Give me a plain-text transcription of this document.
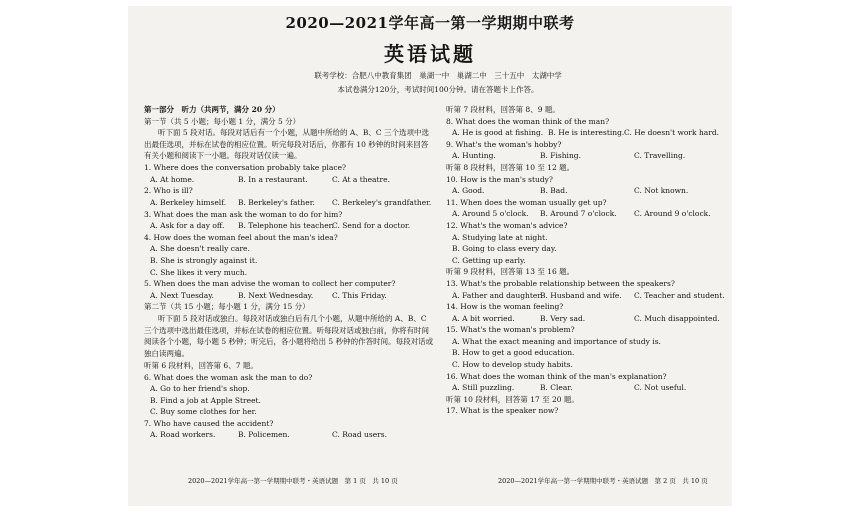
2020—2021学年高一第一学期期中联考
英语试题
联考学校：合肥八中教育集团　巢湖一中　巢湖二中　三十五中　太湖中学
本试卷满分120分，考试时间100分钟。请在答题卡上作答。
第一部分　听力（共两节，满分 20 分）
第一节（共 5 小题；每小题 1 分，满分 5 分）
听下面 5 段对话。每段对话后有一个小题，从题中所给的 A、B、C 三个选项中选出最佳选项，并标在试卷的相应位置。听完每段对话后，你都有 10 秒钟的时间来回答有关小题和阅读下一小题。每段对话仅读一遍。
1. Where does the conversation probably take place?
A. At home.	B. In a restaurant.	C. At a theatre.
2. Who is ill?
A. Berkeley himself.	B. Berkeley's father.	C. Berkeley's grandfather.
3. What does the man ask the woman to do for him?
A. Ask for a day off.	B. Telephone his teacher.
C. Send for a doctor.
4. How does the woman feel about the man's idea?
A. She doesn't really care.
B. She is strongly against it.
C. She likes it very much.
5. When does the man advise the woman to collect her computer?
A. Next Tuesday.	B. Next Wednesday.	C. This Friday.
第二节（共 15 小题；每小题 1 分，满分 15 分）
听下面 5 段对话或独白。每段对话或独白后有几个小题，从题中所给的 A、B、C 三个选项中选出最佳选项，并标在试卷的相应位置。听每段对话或独白前，你将有时间阅读各个小题，每小题 5 秒钟；听完后，各小题将给出 5 秒钟的作答时间。每段对话或独白读两遍。
听第 6 段材料，回答第 6、7 题。
6. What does the woman ask the man to do?
A. Go to her friend's shop.
B. Find a job at Apple Street.
C. Buy some clothes for her.
7. Who have caused the accident?
A. Road workers.	B. Policemen.	C. Road users.
听第 7 段材料，回答第 8、9 题。
8. What does the woman think of the man?
A. He is good at fishing. B. He is interesting. C. He doesn't work hard.
9. What's the woman's hobby?
A. Hunting.	B. Fishing.	C. Travelling.
听第 8 段材料，回答第 10 至 12 题。
10. How is the man's study?
A. Good.	B. Bad.	C. Not known.
11. When does the woman usually get up?
A. Around 5 o'clock.	B. Around 7 o'clock.	C. Around 9 o'clock.
12. What's the woman's advice?
A. Studying late at night.
B. Going to class every day.
C. Getting up early.
听第 9 段材料，回答第 13 至 16 题。
13. What's the probable relationship between the speakers?
A. Father and daughter.
B. Husband and wife.	C. Teacher and student.
14. How is the woman feeling?
A. A bit worried.	B. Very sad.	C. Much disappointed.
15. What's the woman's problem?
A. What the exact meaning and importance of study is.
B. How to get a good education.
C. How to develop study habits.
16. What does the woman think of the man's explanation?
A. Still puzzling.	B. Clear.	C. Not useful.
听第 10 段材料，回答第 17 至 20 题。
17. What is the speaker now?
2020—2021学年高一第一学期期中联考・英语试题　第 1 页　共 10 页	2020—2021学年高一第一学期期中联考・英语试题　第 2 页　共 10 页
